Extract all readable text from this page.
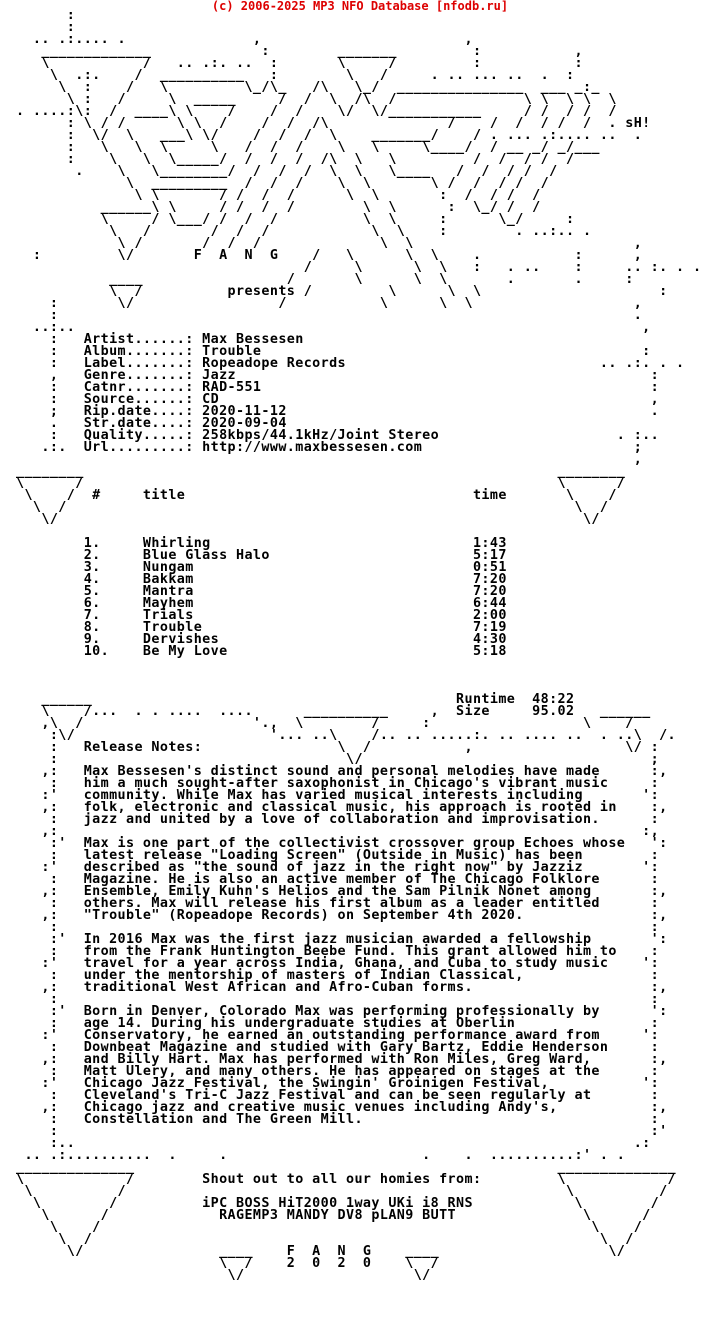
(c) 2006-2025 MP3 NFO Database [nfodb.ru]
:
:
.. .:.... .               ,                        ,
_____________             :        _______         :           ,
\           /   .. .:. ..  :       \     /         :           :
\  .:.    /  __________   :        \   /     . .. ... ..  .  :
\  :    /   \         \_/\_   /\   \_/  _______________  ___ _:_
\ :   /     \  _____     /  /  \  /\  /               \ \  \ \  \
. ....:\:  /  ____\ \    /    /  /    \/  \/___________     / /  / /  /
: \ / /      \ \  /    /  /  /\              /    /  /  / /  /  . sH!
:  \/  \   ___\ \/    /  /  /  \    _______/    / . ... .:.... ..  .
:   \   \  \     \   /  /  /    \   \     \____/  / __ _/ _/___
:    \   \  \_____/  /  /  /  /\  \   \         /  /  / /  /
.    \   \________/  /  /  /  \  \   \____   /  /  / /  /
\  _________  /  /  /    \  \       \ /  /  / /  /
\ \       / /  /  /      \  \       :  /  / /  /
______\ \     / /  /  /        \  \      :  \_/ /  /
\     / \___/ /  /  /          \  \     :      \_/     :
\   /       /  /  /            \  \    :        . ..:.. .
\ /       /  /  /              \  \                          ,
:         \/       F  A  N  G    /   \      \  \    .           :      ,
/     \      \  \   :   . ..    :     .. :. . .
____                 /       \      \  \       .       .     :
\  /          presents /         \      \  \                     :
:       \/                 /           \      \  \                   ,
:                                                                    .
..:..                                                                   ,
:   Artist......: Max Bessesen
:   Album.......: Trouble                                             :
:   Label.......: Ropeadope Records                              .. .:. . .
,   Genre.......: Jazz                                                 :
:   Catnr.......: RAD-551                                              :
:   Source......: CD                                                   ,
;   Rip.date....: 2020-11-12                                           .
.   Str.date....: 2020-09-04
:   Quality.....: 258kbps/44.1kHz/Joint Stereo                     . :..
.:.  Url.........: http://www.maxbessesen.com                         ;
,
________                                                        ________
\      /                                                        \      /
\    /  #     title                                  time       \    /
\  /                                                            \  /
\/                                                              \/
1.     Whirling                               1:43
2.     Blue Glass Halo                        5:17
3.     Nungam                                 0:51
4.     Bakkam                                 7:20
5.     Mantra                                 7:20
6.     Mayhem                                 6:44
7.     Trials                                 2:00
8.     Trouble                                7:19
9.     Dervishes                              4:30
10.    Be My Love                             5:18
______                                           Runtime  48:22
\    /...  . . ....  ....      __________     ,  Size     95.02   ______
,\  /                    '.,  \        /     :                  \    /
:\/                       '... ..\    /.. .. .....:. .. .... ..  . ..\  /.
:   Release Notes:                \  /           ,                  \/ :
:                                  \/                                  ;
,:   Max Bessesen's distinct sound and personal melodies have made      :,
:   him a much sought-after saxophonist in Chicago's vibrant music     :
:'   community. While Max has varied musical interests including       ':
,:   folk, electronic and classical music, his approach is rooted in    :,
:   jazz and united by a love of collaboration and improvisation.      :
,:                                                                     :,
:'  Max is one part of the collectivist crossover group Echoes whose   ':
:   latest release "Loading Screen" (Outside in Music) has been        :
:'   described as "the sound of jazz in the right now" by Jazziz       ':
:   Magazine. He is also an active member of The Chicago Folklore      :
,:   Ensemble, Emily Kuhn's Helios and the Sam Pilnik Nonet among       :,
:   others. Max will release his first album as a leader entitled      :
,:   "Trouble" (Ropeadope Records) on September 4th 2020.               :,
:                                                                      :
:'  In 2016 Max was the first jazz musician awarded a fellowship       ':
:   from the Frank Huntington Beebe Fund. This grant allowed him to    :
:'   travel for a year across India, Ghana, and Cuba to study music    ':
:   under the mentorship of masters of Indian Classical,               :
,:   traditional West African and Afro-Cuban forms.                     :,
:                                                                      :
:'  Born in Denver, Colorado Max was performing professionally by      ':
:   age 14. During his undergraduate studies at Oberlin                :
:'   Conservatory, he earned an outstanding performance award from     ':
:   Downbeat Magazine and studied with Gary Bartz, Eddie Henderson     :
,:   and Billy Hart. Max has performed with Ron Miles, Greg Ward,       :,
:   Matt Ulery, and many others. He has appeared on stages at the      :
:'   Chicago Jazz Festival, the Swingin' Groinigen Festival,           ':
:   Cleveland's Tri-C Jazz Festival and can be seen regularly at       :
,:   Chicago jazz and creative music venues including Andy's,           :,
:   Constellation and The Green Mill.                                  :
:                                                                      :'
:..                                                                  .:
.. .:..........  .     .                       .    .  ..........:' . .
______________                                                  ______________
\            /        Shout out to all our homies from:         \            /
\          /                                                    \          /
\        /          iPC BOSS HiT2000 1way UKi i8 RNS            \        /
\      /             RAGEMP3 MANDY DV8 pLAN9 BUTT               \      /
\    /                                                          \    /
\  /                                                            \  /
\/                ____    F  A  N  G    ____                    \/
\  /    2  0  2  0    \  /
\/                    \/
